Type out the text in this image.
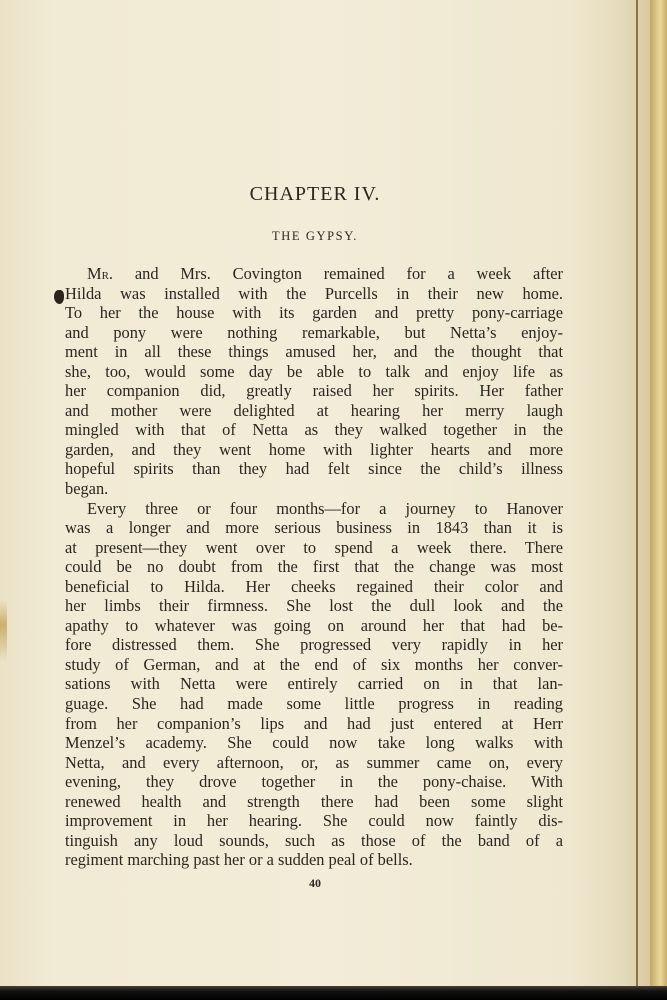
CHAPTER IV.
THE GYPSY.
Mr. and Mrs. Covington remained for a week after
Hilda was installed with the Purcells in their new home.
To her the house with its garden and pretty pony-carriage
and pony were nothing remarkable, but Netta’s enjoy-
ment in all these things amused her, and the thought that
she, too, would some day be able to talk and enjoy life as
her companion did, greatly raised her spirits. Her father
and mother were delighted at hearing her merry laugh
mingled with that of Netta as they walked together in the
garden, and they went home with lighter hearts and more
hopeful spirits than they had felt since the child’s illness
began.
Every three or four months—for a journey to Hanover
was a longer and more serious business in 1843 than it is
at present—they went over to spend a week there. There
could be no doubt from the first that the change was most
beneficial to Hilda. Her cheeks regained their color and
her limbs their firmness. She lost the dull look and the
apathy to whatever was going on around her that had be-
fore distressed them. She progressed very rapidly in her
study of German, and at the end of six months her conver-
sations with Netta were entirely carried on in that lan-
guage. She had made some little progress in reading
from her companion’s lips and had just entered at Herr
Menzel’s academy. She could now take long walks with
Netta, and every afternoon, or, as summer came on, every
evening, they drove together in the pony-chaise. With
renewed health and strength there had been some slight
improvement in her hearing. She could now faintly dis-
tinguish any loud sounds, such as those of the band of a
regiment marching past her or a sudden peal of bells.
40
